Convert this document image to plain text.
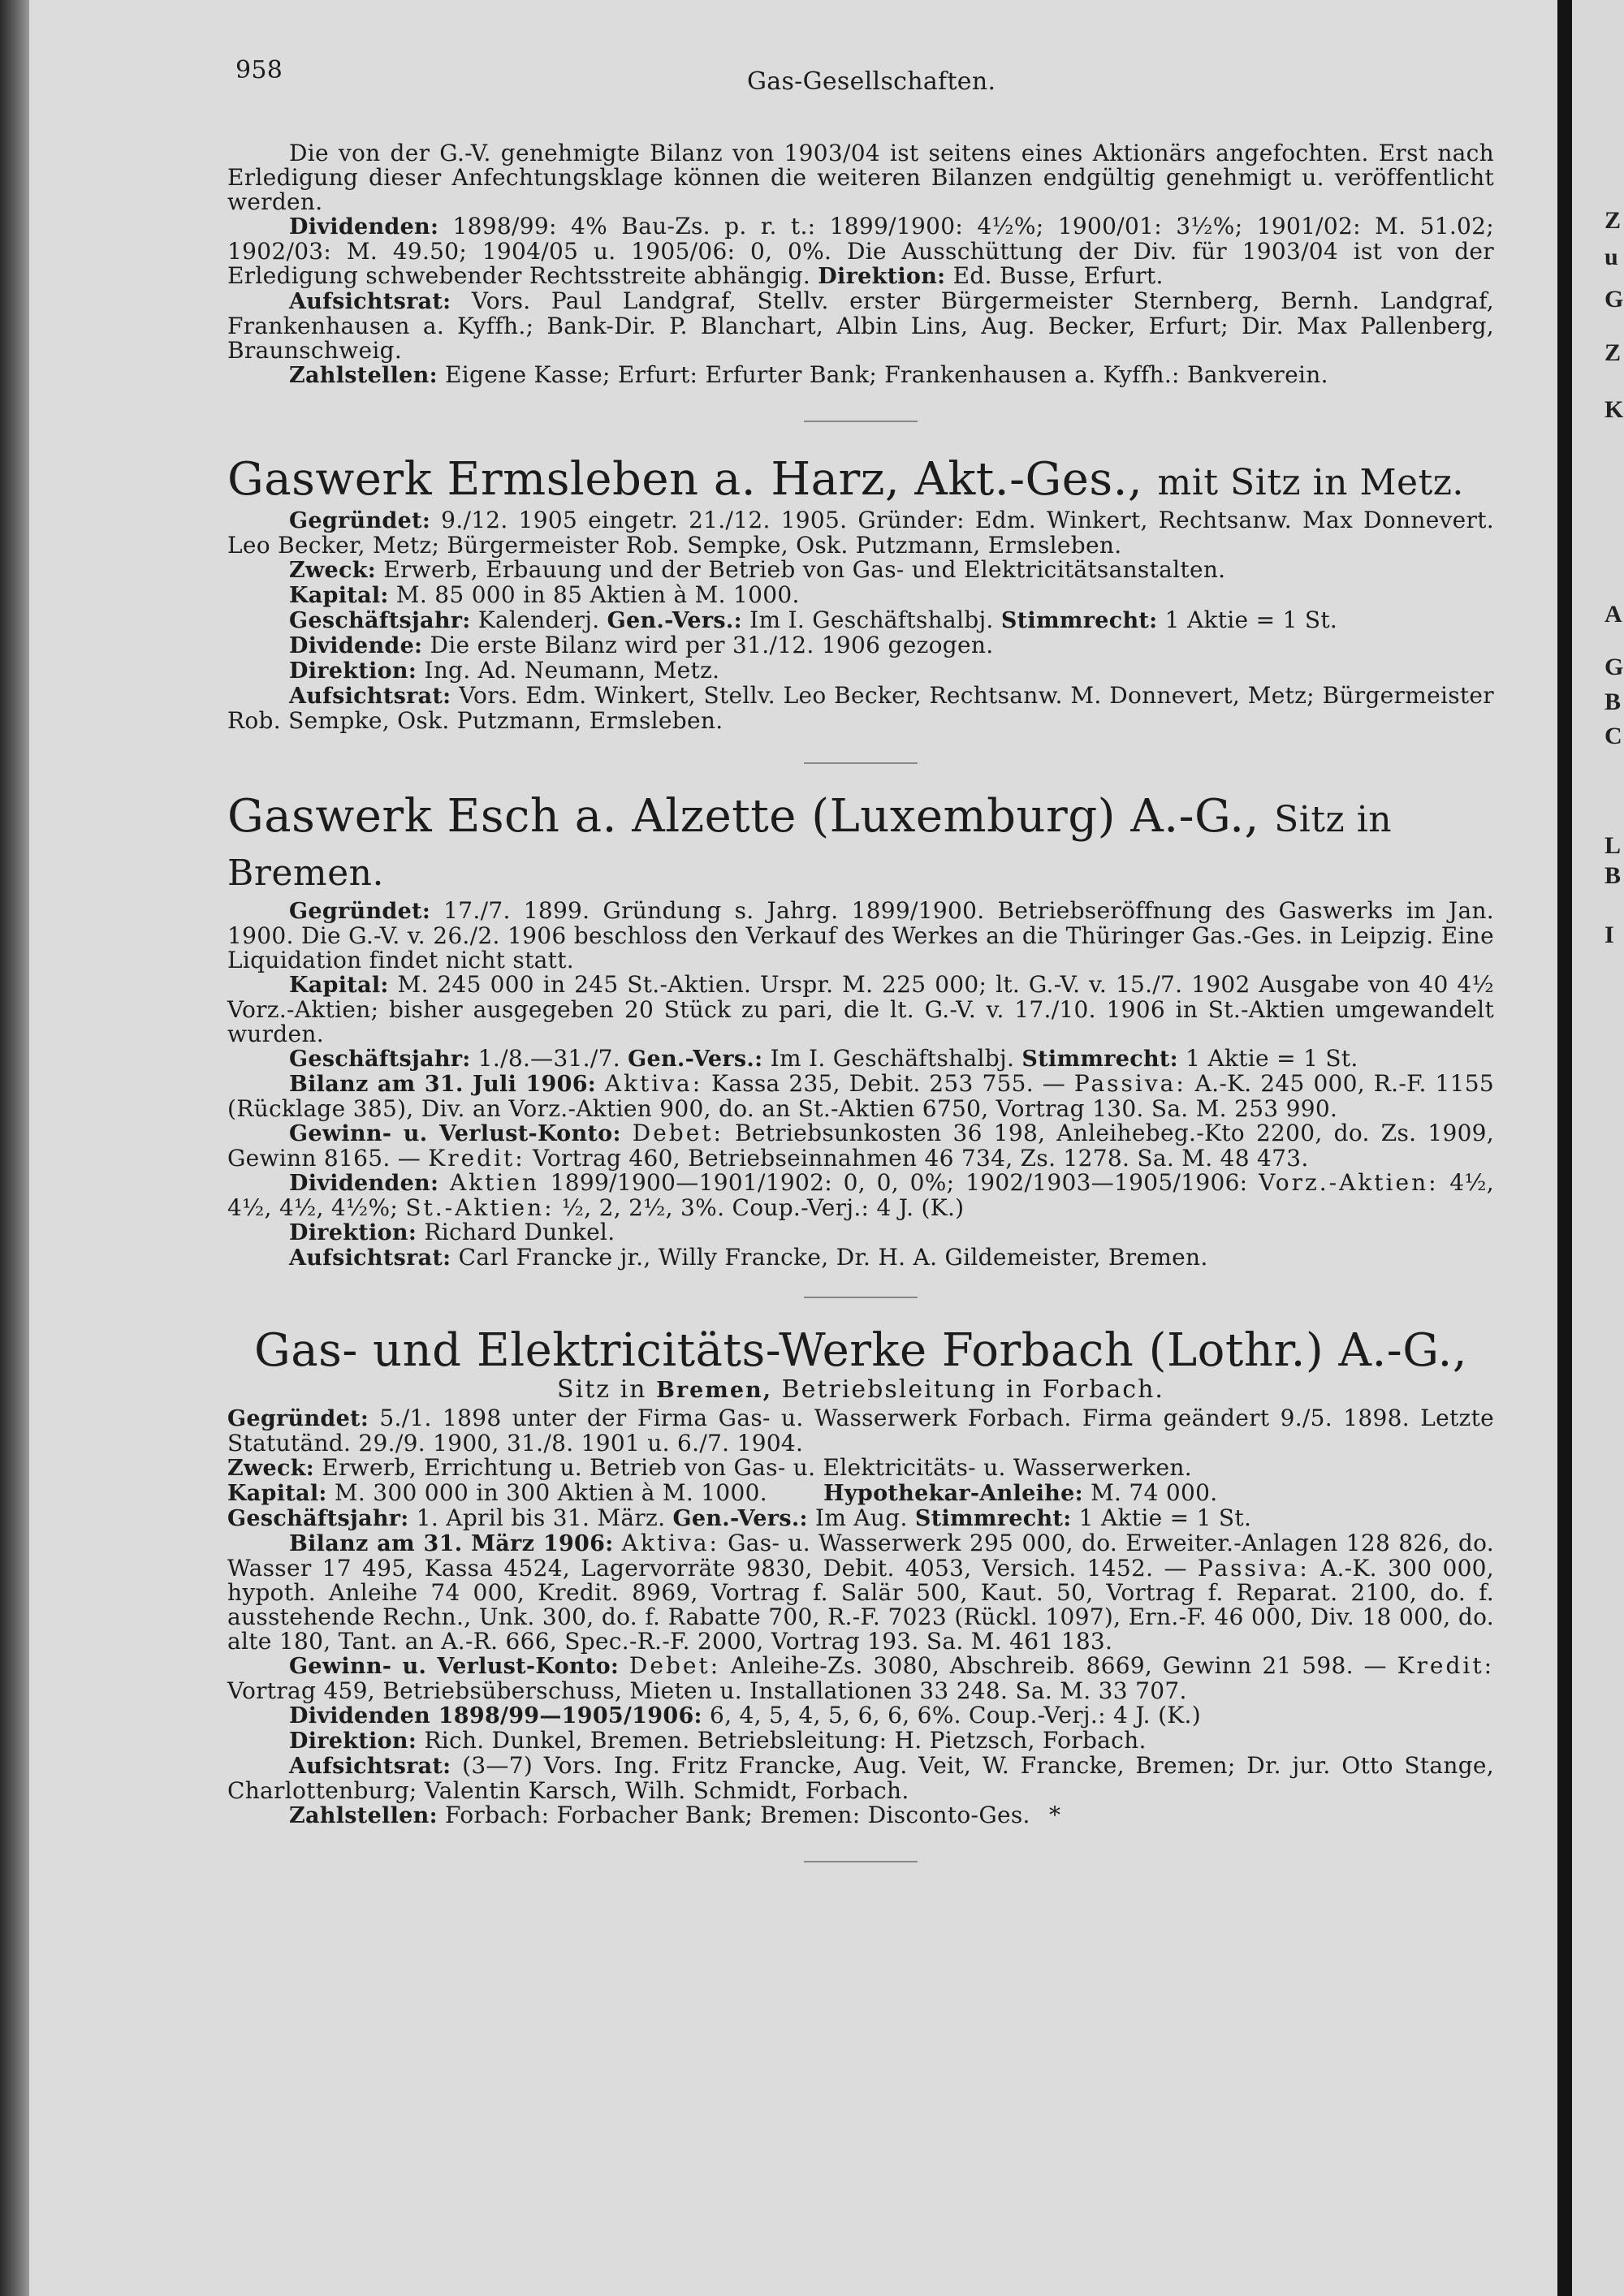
Z
u
G
Z
K
A
G
B
C
L
B
I
958	Gas-Gesellschaften.

Die von der G.-V. genehmigte Bilanz von 1903/04 ist seitens eines Aktionärs angefochten. Erst nach Erledigung dieser Anfechtungsklage können die weiteren Bilanzen endgültig genehmigt u. veröffentlicht werden.

Dividenden: 1898/99: 4% Bau-Zs. p. r. t.: 1899/1900: 4½%; 1900/01: 3½%; 1901/02: M. 51.02; 1902/03: M. 49.50; 1904/05 u. 1905/06: 0, 0%. Die Ausschüttung der Div. für 1903/04 ist von der Erledigung schwebender Rechtsstreite abhängig. Direktion: Ed. Busse, Erfurt.

Aufsichtsrat: Vors. Paul Landgraf, Stellv. erster Bürgermeister Sternberg, Bernh. Landgraf, Frankenhausen a. Kyffh.; Bank-Dir. P. Blanchart, Albin Lins, Aug. Becker, Erfurt; Dir. Max Pallenberg, Braunschweig.

Zahlstellen: Eigene Kasse; Erfurt: Erfurter Bank; Frankenhausen a. Kyffh.: Bankverein.

Gaswerk Ermsleben a. Harz, Akt.-Ges., mit Sitz in Metz.

Gegründet: 9./12. 1905 eingetr. 21./12. 1905. Gründer: Edm. Winkert, Rechtsanw. Max Donnevert. Leo Becker, Metz; Bürgermeister Rob. Sempke, Osk. Putzmann, Ermsleben.

Zweck: Erwerb, Erbauung und der Betrieb von Gas- und Elektricitätsanstalten.

Kapital: M. 85 000 in 85 Aktien à M. 1000.

Geschäftsjahr: Kalenderj. Gen.-Vers.: Im I. Geschäftshalbj. Stimmrecht: 1 Aktie = 1 St.

Dividende: Die erste Bilanz wird per 31./12. 1906 gezogen.

Direktion: Ing. Ad. Neumann, Metz.

Aufsichtsrat: Vors. Edm. Winkert, Stellv. Leo Becker, Rechtsanw. M. Donnevert, Metz; Bürgermeister Rob. Sempke, Osk. Putzmann, Ermsleben.

Gaswerk Esch a. Alzette (Luxemburg) A.-G., Sitz in Bremen.

Gegründet: 17./7. 1899. Gründung s. Jahrg. 1899/1900. Betriebseröffnung des Gaswerks im Jan. 1900. Die G.-V. v. 26./2. 1906 beschloss den Verkauf des Werkes an die Thüringer Gas.-Ges. in Leipzig. Eine Liquidation findet nicht statt.

Kapital: M. 245 000 in 245 St.-Aktien. Urspr. M. 225 000; lt. G.-V. v. 15./7. 1902 Ausgabe von 40 4½ Vorz.-Aktien; bisher ausgegeben 20 Stück zu pari, die lt. G.-V. v. 17./10. 1906 in St.-Aktien umgewandelt wurden.

Geschäftsjahr: 1./8.—31./7. Gen.-Vers.: Im I. Geschäftshalbj. Stimmrecht: 1 Aktie = 1 St.

Bilanz am 31. Juli 1906: Aktiva: Kassa 235, Debit. 253 755. — Passiva: A.-K. 245 000, R.-F. 1155 (Rücklage 385), Div. an Vorz.-Aktien 900, do. an St.-Aktien 6750, Vortrag 130. Sa. M. 253 990.

Gewinn- u. Verlust-Konto: Debet: Betriebsunkosten 36 198, Anleihebeg.-Kto 2200, do. Zs. 1909, Gewinn 8165. — Kredit: Vortrag 460, Betriebseinnahmen 46 734, Zs. 1278. Sa. M. 48 473.

Dividenden: Aktien 1899/1900—1901/1902: 0, 0, 0%; 1902/1903—1905/1906: Vorz.-Aktien: 4½, 4½, 4½, 4½%; St.-Aktien: ½, 2, 2½, 3%. Coup.-Verj.: 4 J. (K.)

Direktion: Richard Dunkel.

Aufsichtsrat: Carl Francke jr., Willy Francke, Dr. H. A. Gildemeister, Bremen.

Gas- und Elektricitäts-Werke Forbach (Lothr.) A.-G.,
Sitz in Bremen, Betriebsleitung in Forbach.

Gegründet: 5./1. 1898 unter der Firma Gas- u. Wasserwerk Forbach. Firma geändert 9./5. 1898. Letzte Statutänd. 29./9. 1900, 31./8. 1901 u. 6./7. 1904.

Zweck: Erwerb, Errichtung u. Betrieb von Gas- u. Elektricitäts- u. Wasserwerken.

Kapital: M. 300 000 in 300 Aktien à M. 1000.	Hypothekar-Anleihe: M. 74 000.

Geschäftsjahr: 1. April bis 31. März. Gen.-Vers.: Im Aug. Stimmrecht: 1 Aktie = 1 St.

Bilanz am 31. März 1906: Aktiva: Gas- u. Wasserwerk 295 000, do. Erweiter.-Anlagen 128 826, do. Wasser 17 495, Kassa 4524, Lagervorräte 9830, Debit. 4053, Versich. 1452. — Passiva: A.-K. 300 000, hypoth. Anleihe 74 000, Kredit. 8969, Vortrag f. Salär 500, Kaut. 50, Vortrag f. Reparat. 2100, do. f. ausstehende Rechn., Unk. 300, do. f. Rabatte 700, R.-F. 7023 (Rückl. 1097), Ern.-F. 46 000, Div. 18 000, do. alte 180, Tant. an A.-R. 666, Spec.-R.-F. 2000, Vortrag 193. Sa. M. 461 183.

Gewinn- u. Verlust-Konto: Debet: Anleihe-Zs. 3080, Abschreib. 8669, Gewinn 21 598. — Kredit: Vortrag 459, Betriebsüberschuss, Mieten u. Installationen 33 248. Sa. M. 33 707.

Dividenden 1898/99—1905/1906: 6, 4, 5, 4, 5, 6, 6, 6%. Coup.-Verj.: 4 J. (K.)

Direktion: Rich. Dunkel, Bremen. Betriebsleitung: H. Pietzsch, Forbach.

Aufsichtsrat: (3—7) Vors. Ing. Fritz Francke, Aug. Veit, W. Francke, Bremen; Dr. jur. Otto Stange, Charlottenburg; Valentin Karsch, Wilh. Schmidt, Forbach.

Zahlstellen: Forbach: Forbacher Bank; Bremen: Disconto-Ges. *
